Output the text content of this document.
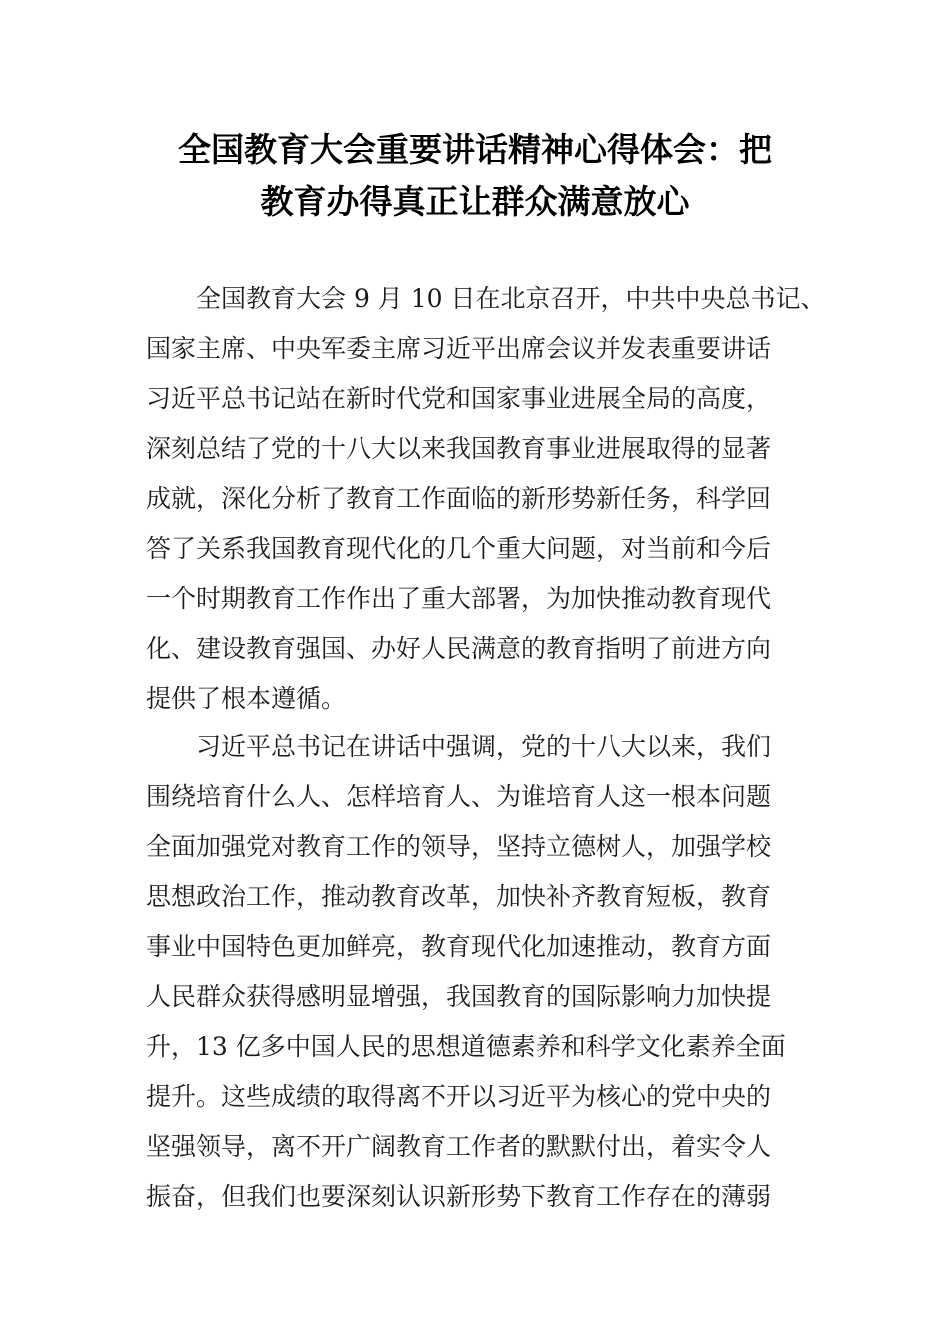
全国教育大会重要讲话精神心得体会：把
教育办得真正让群众满意放心

全国教育大会 9 月 10 日在北京召开，中共中央总书记、

国家主席、中央军委主席习近平出席会议并发表重要讲话

习近平总书记站在新时代党和国家事业进展全局的高度，

深刻总结了党的十八大以来我国教育事业进展取得的显著

成就，深化分析了教育工作面临的新形势新任务，科学回

答了关系我国教育现代化的几个重大问题，对当前和今后

一个时期教育工作作出了重大部署，为加快推动教育现代

化、建设教育强国、办好人民满意的教育指明了前进方向

提供了根本遵循。

习近平总书记在讲话中强调，党的十八大以来，我们

围绕培育什么人、怎样培育人、为谁培育人这一根本问题

全面加强党对教育工作的领导，坚持立德树人，加强学校

思想政治工作，推动教育改革，加快补齐教育短板，教育

事业中国特色更加鲜亮，教育现代化加速推动，教育方面

人民群众获得感明显增强，我国教育的国际影响力加快提

升，13 亿多中国人民的思想道德素养和科学文化素养全面

提升。这些成绩的取得离不开以习近平为核心的党中央的

坚强领导，离不开广阔教育工作者的默默付出，着实令人

振奋，但我们也要深刻认识新形势下教育工作存在的薄弱
